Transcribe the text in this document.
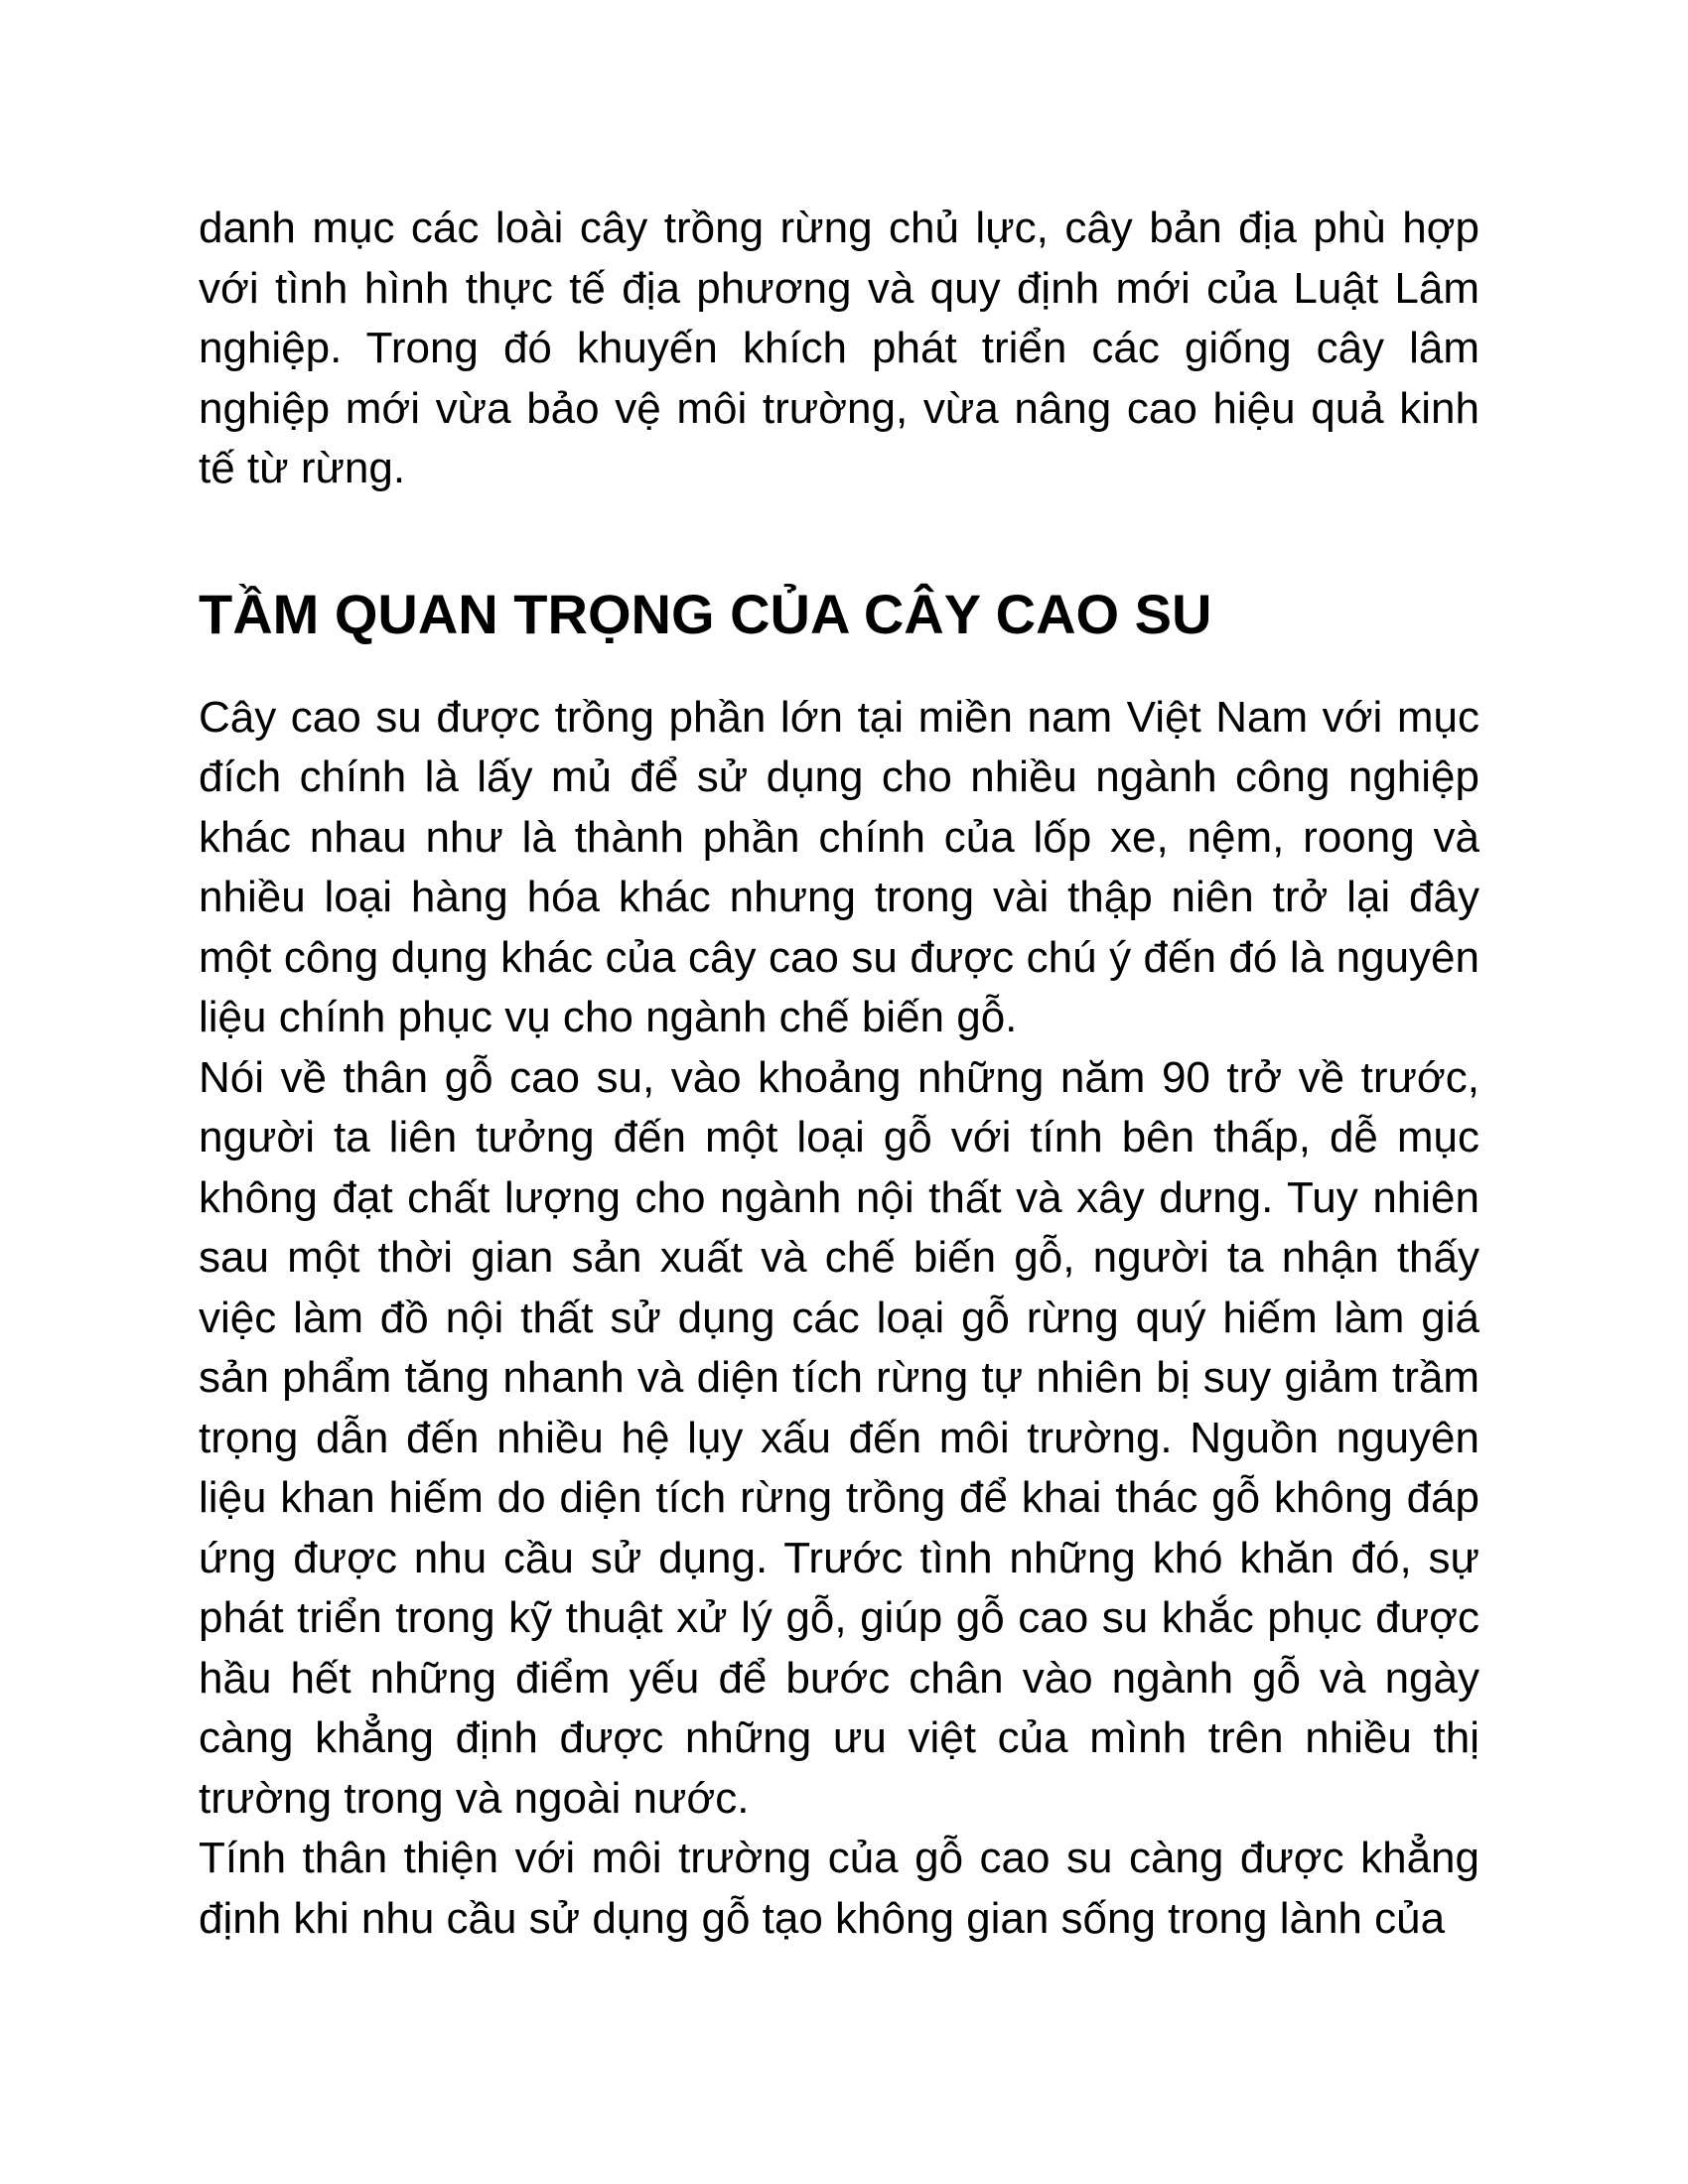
danh mục các loài cây trồng rừng chủ lực, cây bản địa phù hợp với tình hình thực tế địa phương và quy định mới của Luật Lâm nghiệp. Trong đó khuyến khích phát triển các giống cây lâm nghiệp mới vừa bảo vệ môi trường, vừa nâng cao hiệu quả kinh tế từ rừng.

TẦM QUAN TRỌNG CỦA CÂY CAO SU

Cây cao su được trồng phần lớn tại miền nam Việt Nam với mục đích chính là lấy mủ để sử dụng cho nhiều ngành công nghiệp khác nhau như là thành phần chính của lốp xe, nệm, roong và nhiều loại hàng hóa khác nhưng trong vài thập niên trở lại đây một công dụng khác của cây cao su được chú ý đến đó là nguyên liệu chính phục vụ cho ngành chế biến gỗ.

Nói về thân gỗ cao su, vào khoảng những năm 90 trở về trước, người ta liên tưởng đến một loại gỗ với tính bên thấp, dễ mục không đạt chất lượng cho ngành nội thất và xây dưng. Tuy nhiên sau một thời gian sản xuất và chế biến gỗ, người ta nhận thấy việc làm đồ nội thất sử dụng các loại gỗ rừng quý hiếm làm giá sản phẩm tăng nhanh và diện tích rừng tự nhiên bị suy giảm trầm trọng dẫn đến nhiều hệ lụy xấu đến môi trường. Nguồn nguyên liệu khan hiếm do diện tích rừng trồng để khai thác gỗ không đáp ứng được nhu cầu sử dụng. Trước tình những khó khăn đó, sự phát triển trong kỹ thuật xử lý gỗ, giúp gỗ cao su khắc phục được hầu hết những điểm yếu để bước chân vào ngành gỗ và ngày càng khẳng định được những ưu việt của mình trên nhiều thị trường trong và ngoài nước.

Tính thân thiện với môi trường của gỗ cao su càng được khẳng định khi nhu cầu sử dụng gỗ tạo không gian sống trong lành của
